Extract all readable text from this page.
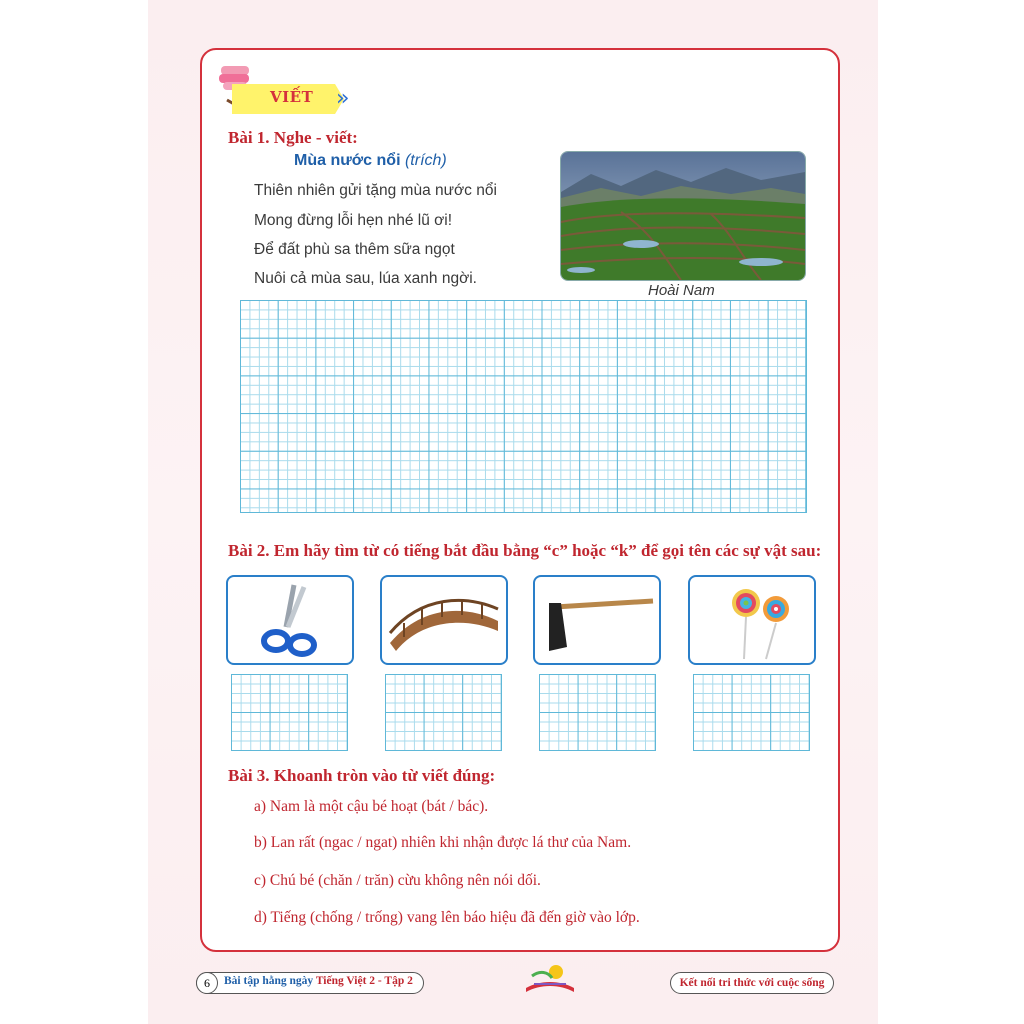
VIẾT »
Bài 1. Nghe - viết:
Mùa nước nổi (trích)
Thiên nhiên gửi tặng mùa nước nổi
Mong đừng lỗi hẹn nhé lũ ơi!
Để đất phù sa thêm sữa ngọt
Nuôi cả mùa sau, lúa xanh ngời.
Hoài Nam
Bài 2. Em hãy tìm từ có tiếng bắt đầu bằng “c” hoặc “k” để gọi tên các sự vật sau:
Bài 3. Khoanh tròn vào từ viết đúng:
a) Nam là một cậu bé hoạt (bát / bác).
b) Lan rất (ngac / ngat) nhiên khi nhận được lá thư của Nam.
c) Chú bé (chăn / trăn) cừu không nên nói dối.
d) Tiếng (chống / trống) vang lên báo hiệu đã đến giờ vào lớp.
6	Bài tập hằng ngày Tiếng Việt 2 - Tập 2	Kết nối tri thức với cuộc sống
